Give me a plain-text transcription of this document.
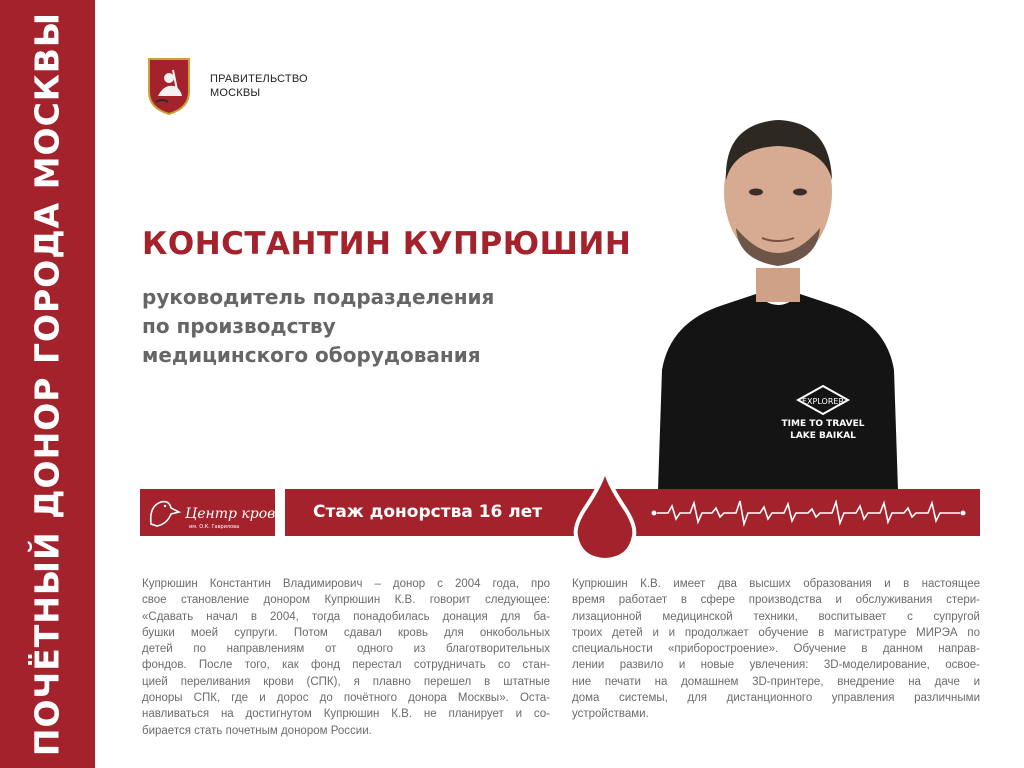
ПОЧЁТНЫЙ ДОНОР ГОРОДА МОСКВЫ	ПРАВИТЕЛЬСТВО
МОСКВЫ
КОНСТАНТИН КУПРЮШИН
руководитель подразделения
по производству
медицинского оборудования
EXPLORER
TIME TO TRAVEL
LAKE BAIKAL
Центр крови
им. О.К. Гаврилова
Стаж донорства 16 лет

Купрюшин Константин Владимирович – донор с 2004 года, про
свое становление донором Купрюшин К.В. говорит следующее:
«Сдавать начал в 2004, тогда понадобилась донация для ба-
бушки моей супруги. Потом сдавал кровь для онкобольных
детей по направлениям от одного из благотворительных
фондов. После того, как фонд перестал сотрудничать со стан-
цией переливания крови (СПК), я плавно перешел в штатные
доноры СПК, где и дорос до почётного донора Москвы». Оста-
навливаться на достигнутом Купрюшин К.В. не планирует и со-
бирается стать почетным донором России.

Купрюшин К.В. имеет два высших образования и в настоящее
время работает в сфере производства и обслуживания стери-
лизационной медицинской техники, воспитывает с супругой
троих детей и и продолжает обучение в магистратуре МИРЭА по
специальности «приборостроение». Обучение в данном направ-
лении развило и новые увлечения: 3D-моделирование, освое-
ние печати на домашнем 3D-принтере, внедрение на даче и
дома системы, для дистанционного управления различными
устройствами.
